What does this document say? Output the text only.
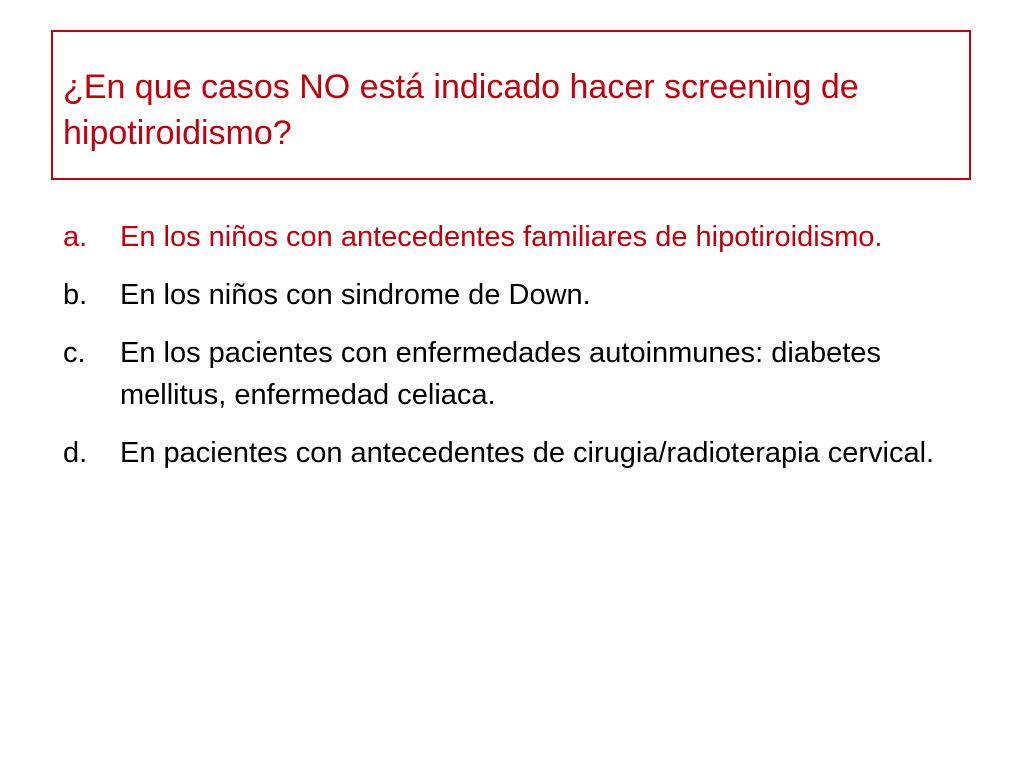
¿En que casos NO está indicado hacer screening de hipotiroidismo?
a.	En los niños con antecedentes familiares de hipotiroidismo.
b.	En los niños con sindrome de Down.
c.	En los pacientes con enfermedades autoinmunes: diabetes mellitus, enfermedad celiaca.
d.	En pacientes con antecedentes de cirugia/radioterapia cervical.
